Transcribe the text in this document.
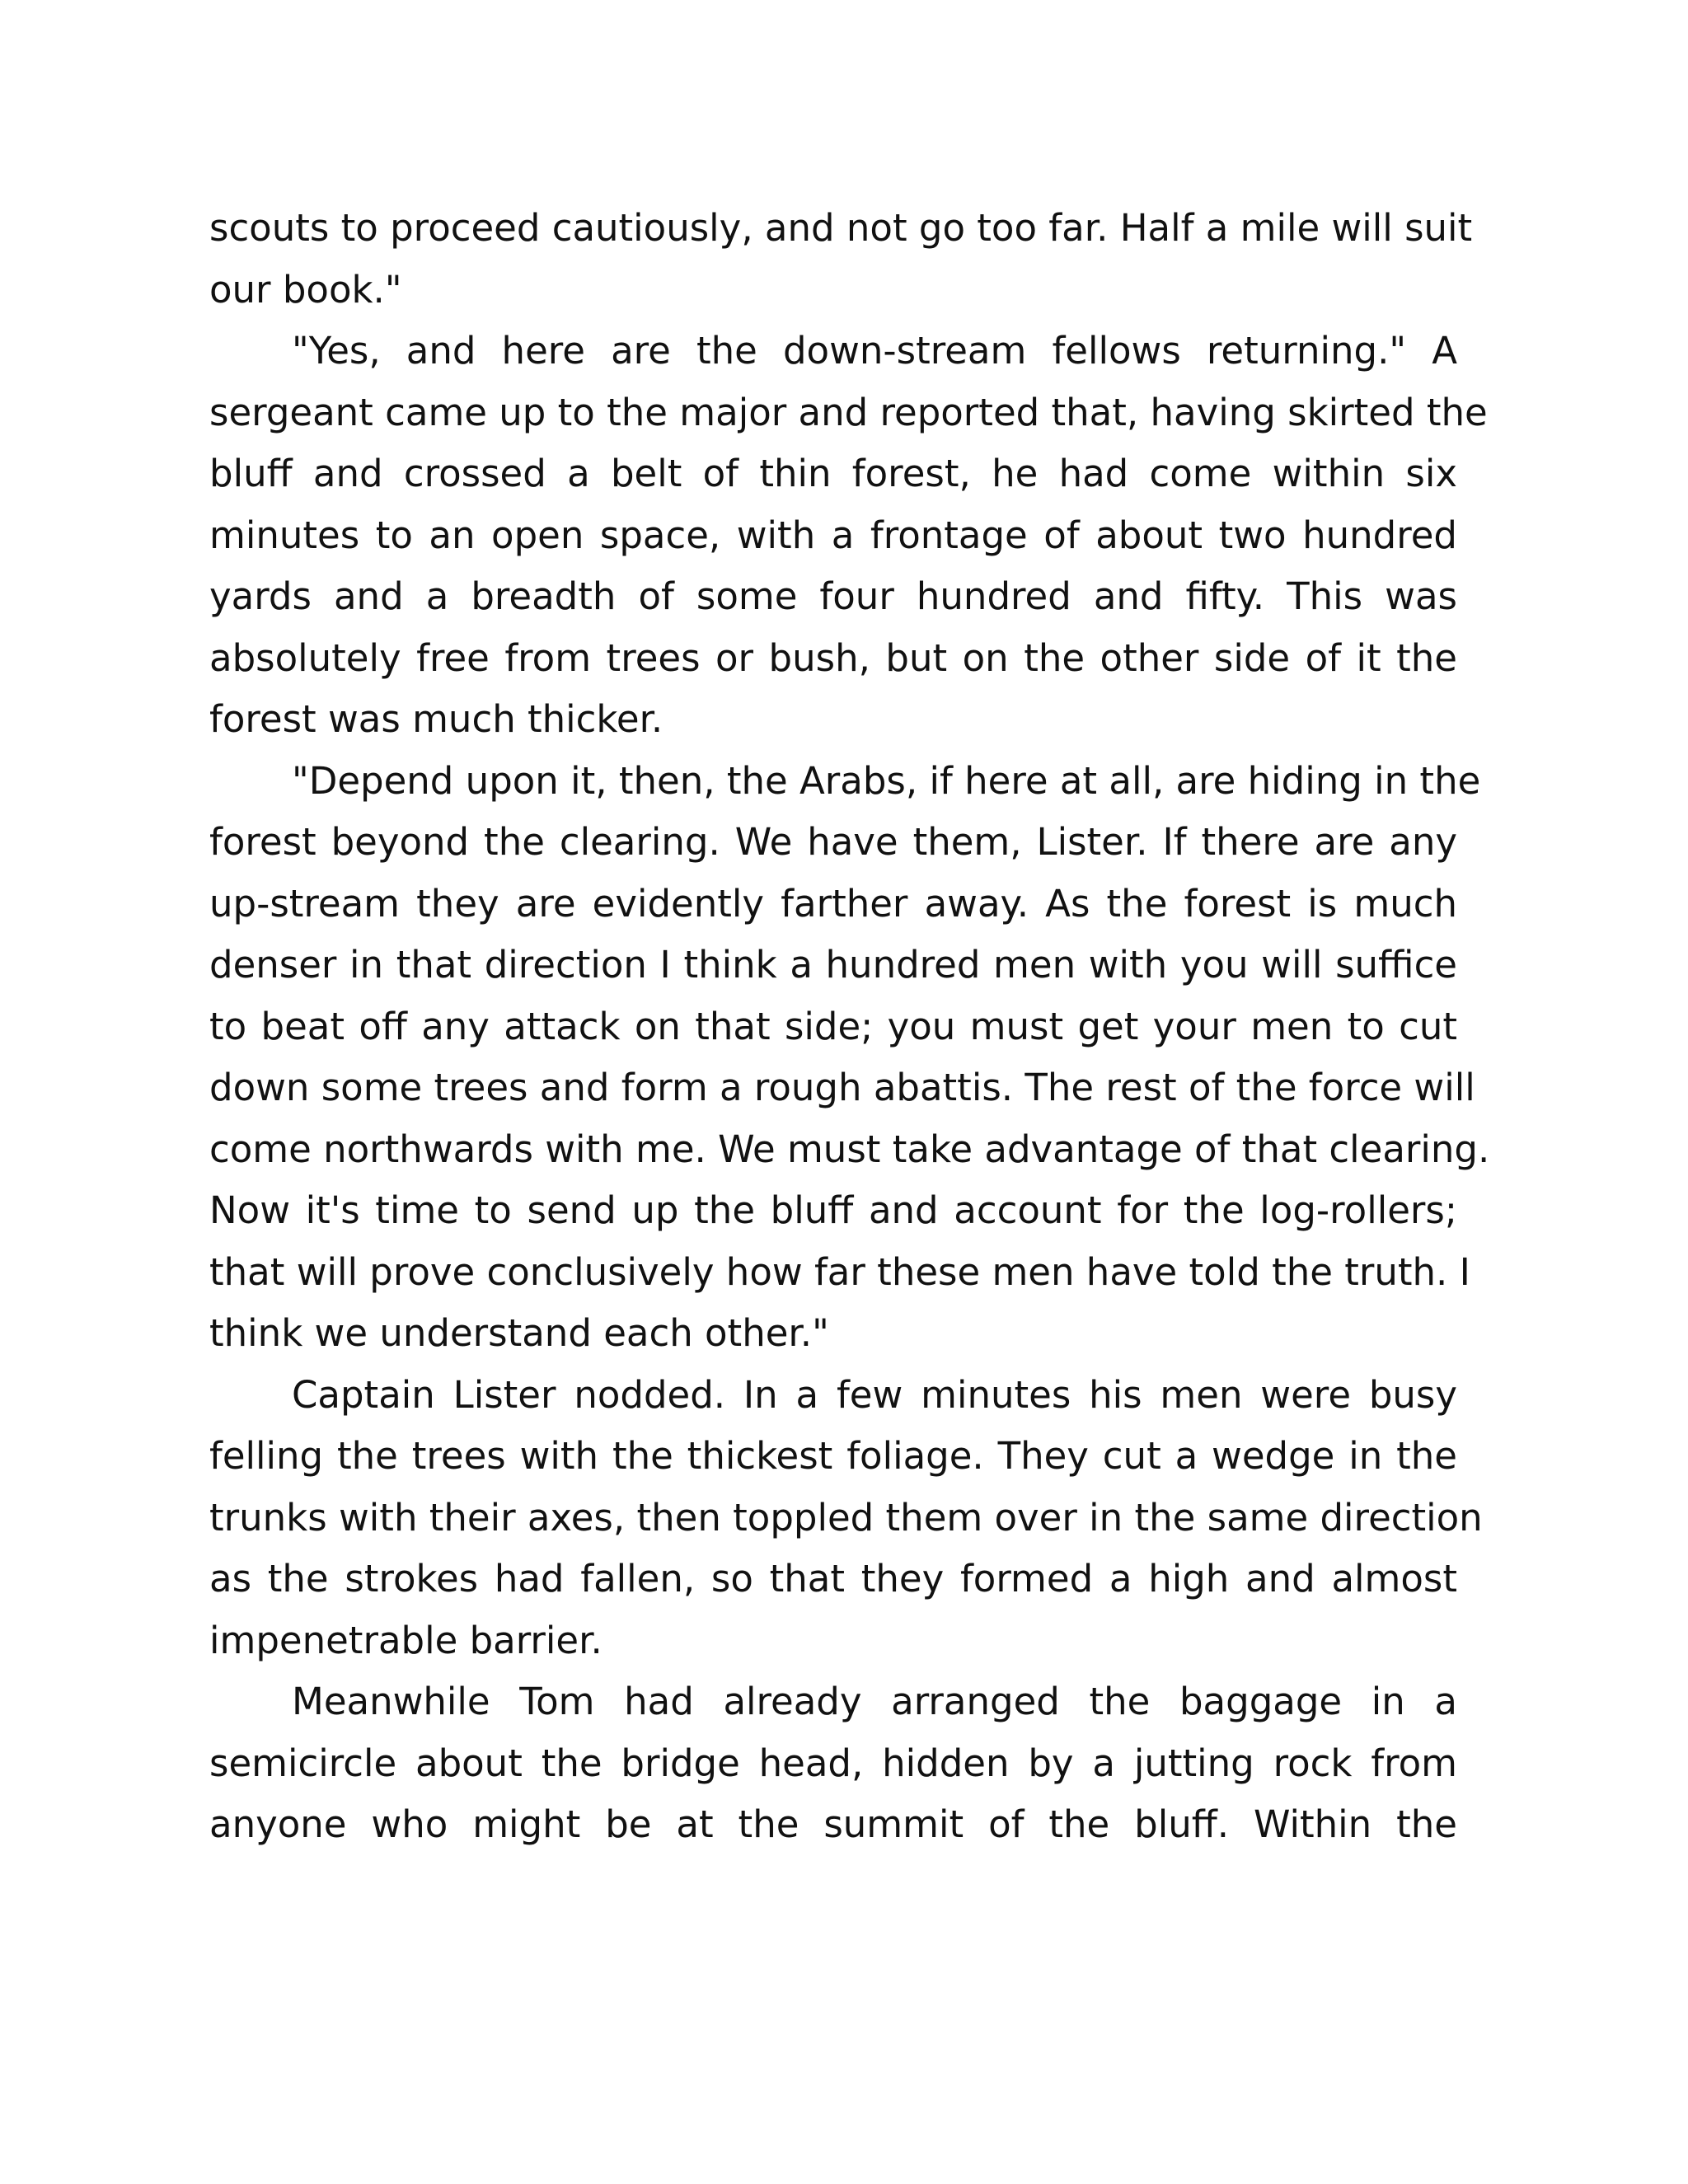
scouts to proceed cautiously, and not go too far. Half a mile will suit
our book."
"Yes, and here are the down-stream fellows returning." A
sergeant came up to the major and reported that, having skirted the
bluff and crossed a belt of thin forest, he had come within six
minutes to an open space, with a frontage of about two hundred
yards and a breadth of some four hundred and fifty. This was
absolutely free from trees or bush, but on the other side of it the
forest was much thicker.
"Depend upon it, then, the Arabs, if here at all, are hiding in the
forest beyond the clearing. We have them, Lister. If there are any
up-stream they are evidently farther away. As the forest is much
denser in that direction I think a hundred men with you will suffice
to beat off any attack on that side; you must get your men to cut
down some trees and form a rough abattis. The rest of the force will
come northwards with me. We must take advantage of that clearing.
Now it's time to send up the bluff and account for the log-rollers;
that will prove conclusively how far these men have told the truth. I
think we understand each other."
Captain Lister nodded. In a few minutes his men were busy
felling the trees with the thickest foliage. They cut a wedge in the
trunks with their axes, then toppled them over in the same direction
as the strokes had fallen, so that they formed a high and almost
impenetrable barrier.
Meanwhile Tom had already arranged the baggage in a
semicircle about the bridge head, hidden by a jutting rock from
anyone who might be at the summit of the bluff. Within the
